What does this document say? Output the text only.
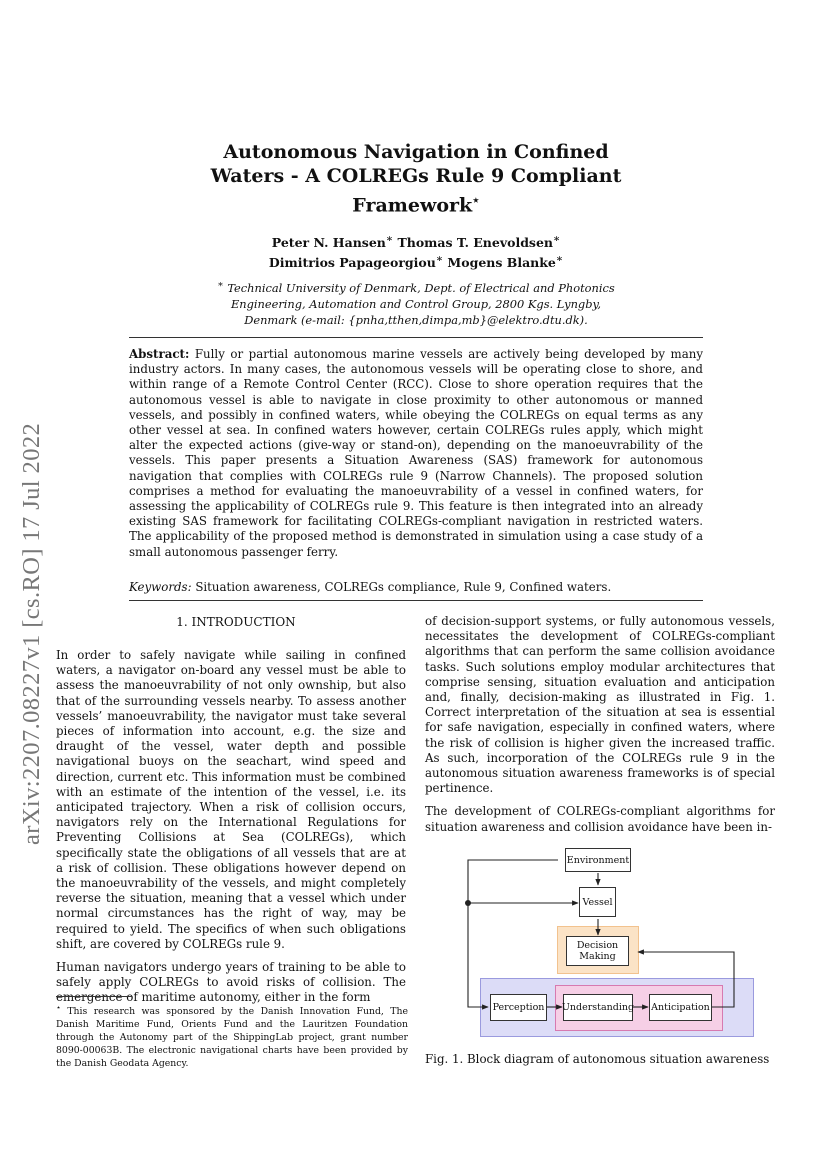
arXiv:2207.08227v1 [cs.RO] 17 Jul 2022
Autonomous Navigation in Confined
Waters - A COLREGs Rule 9 Compliant
Framework⋆
Peter N. Hansen∗ Thomas T. Enevoldsen∗
Dimitrios Papageorgiou∗ Mogens Blanke∗
∗ Technical University of Denmark, Dept. of Electrical and Photonics
Engineering, Automation and Control Group, 2800 Kgs. Lyngby,
Denmark (e-mail: {pnha,tthen,dimpa,mb}@elektro.dtu.dk).
Abstract: Fully or partial autonomous marine vessels are actively being developed by many industry actors. In many cases, the autonomous vessels will be operating close to shore, and within range of a Remote Control Center (RCC). Close to shore operation requires that the autonomous vessel is able to navigate in close proximity to other autonomous or manned vessels, and possibly in confined waters, while obeying the COLREGs on equal terms as any other vessel at sea. In confined waters however, certain COLREGs rules apply, which might alter the expected actions (give-way or stand-on), depending on the manoeuvrability of the vessels. This paper presents a Situation Awareness (SAS) framework for autonomous navigation that complies with COLREGs rule 9 (Narrow Channels). The proposed solution comprises a method for evaluating the manoeuvrability of a vessel in confined waters, for assessing the applicability of COLREGs rule 9. This feature is then integrated into an already existing SAS framework for facilitating COLREGs-compliant navigation in restricted waters. The applicability of the proposed method is demonstrated in simulation using a case study of a small autonomous passenger ferry.
Keywords: Situation awareness, COLREGs compliance, Rule 9, Confined waters.
1. INTRODUCTION

In order to safely navigate while sailing in confined waters, a navigator on-board any vessel must be able to assess the manoeuvrability of not only ownship, but also that of the surrounding vessels nearby. To assess another vessels’ manoeuvrability, the navigator must take several pieces of information into account, e.g. the size and draught of the vessel, water depth and possible navigational buoys on the seachart, wind speed and direction, current etc. This information must be combined with an estimate of the intention of the vessel, i.e. its anticipated trajectory. When a risk of collision occurs, navigators rely on the International Regulations for Preventing Collisions at Sea (COLREGs), which specifically state the obligations of all vessels that are at a risk of collision. These obligations however depend on the manoeuvrability of the vessels, and might completely reverse the situation, meaning that a vessel which under normal circumstances has the right of way, may be required to yield. The specifics of when such obligations shift, are covered by COLREGs rule 9.

Human navigators undergo years of training to be able to safely apply COLREGs to avoid risks of collision. The emergence of maritime autonomy, either in the form

of decision-support systems, or fully autonomous vessels, necessitates the development of COLREGs-compliant algorithms that can perform the same collision avoidance tasks. Such solutions employ modular architectures that comprise sensing, situation evaluation and anticipation and, finally, decision-making as illustrated in Fig. 1. Correct interpretation of the situation at sea is essential for safe navigation, especially in confined waters, where the risk of collision is higher given the increased traffic. As such, incorporation of the COLREGs rule 9 in the autonomous situation awareness frameworks is of special pertinence.

The development of COLREGs-compliant algorithms for situation awareness and collision avoidance have been in-

⋆ This research was sponsored by the Danish Innovation Fund, The Danish Maritime Fund, Orients Fund and the Lauritzen Foundation through the Autonomy part of the ShippingLab project, grant number 8090-00063B. The electronic navigational charts have been provided by the Danish Geodata Agency.
Environment
Vessel
Decision Making
Perception Understanding Anticipation
Fig. 1. Block diagram of autonomous situation awareness
